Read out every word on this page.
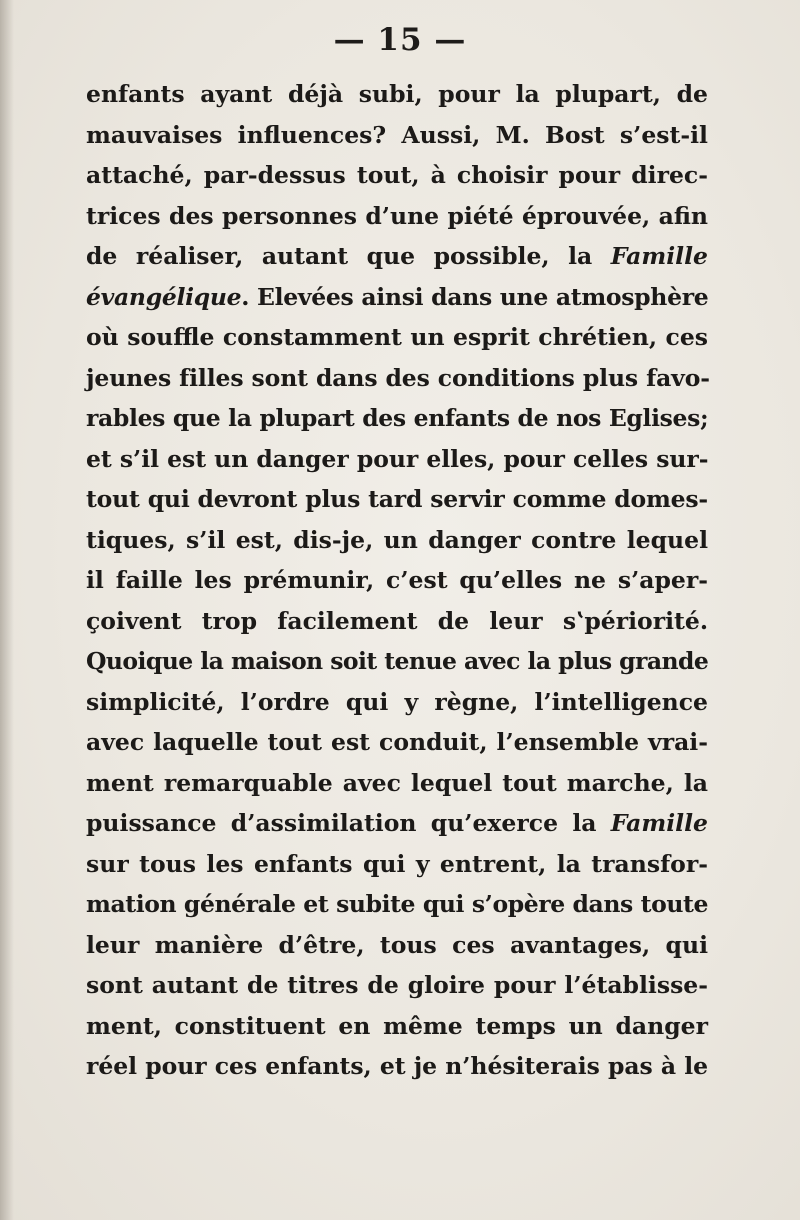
— 15 —
enfants ayant déjà subi, pour la plupart, de
mauvaises influences? Aussi, M. Bost s’est-il
attaché, par-dessus tout, à choisir pour direc-
trices des personnes d’une piété éprouvée, afin
de réaliser, autant que possible, la Famille
évangélique. Elevées ainsi dans une atmosphère
où souffle constamment un esprit chrétien, ces
jeunes filles sont dans des conditions plus favo-
rables que la plupart des enfants de nos Eglises;
et s’il est un danger pour elles, pour celles sur-
tout qui devront plus tard servir comme domes-
tiques, s’il est, dis-je, un danger contre lequel
il faille les prémunir, c’est qu’elles ne s’aper-
çoivent trop facilement de leur s​ʽpériorité.
Quoique la maison soit tenue avec la plus grande
simplicité, l’ordre qui y règne, l’intelligence
avec laquelle tout est conduit, l’ensemble vrai-
ment remarquable avec lequel tout marche, la
puissance d’assimilation qu’exerce la Famille
sur tous les enfants qui y entrent, la transfor-
mation générale et subite qui s’opère dans toute
leur manière d’être, tous ces avantages, qui
sont autant de titres de gloire pour l’établisse-
ment, constituent en même temps un danger
réel pour ces enfants, et je n’hésiterais pas à le
